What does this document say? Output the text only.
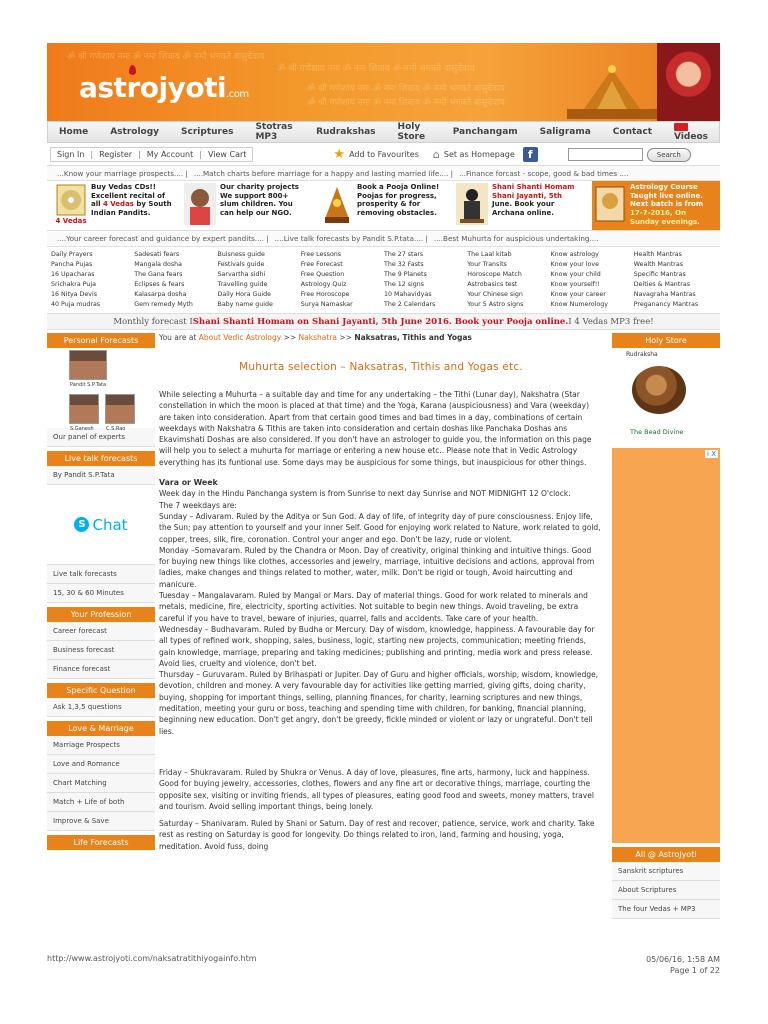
ॐ श्री गणेशाय नमः ॐ नमः शिवाय ॐ नमो भगवते वासुदेवाय
ॐ श्री गणेशाय नमः ॐ नमः शिवाय ॐ नमो भगवते वासुदेवाय
ॐ श्री गणेशाय नमः ॐ नमः शिवाय ॐ नमो भगवते वासुदेवाय
ॐ श्री गणेशाय नमः ॐ नमः शिवाय ॐ नमो भगवते वासुदेवाय
astrojyoti.com
Home	Astrology	Scriptures	Stotras MP3	Rudrakshas	Holy Store	Panchangam	Saligrama	Contact	Videos
Sign In | Register | My Account | View Cart	★ Add to Favourites ⌂ Set as Homepage	f	Search
...Know your marriage prospects.... | ....Match charts before marriage for a happy and lasting married life.... | ...Finance forcast - scope, good & bad times ....
4 Vedas
Buy Vedas CDs!!
Excellent recital of
all 4 Vedas by South
Indian Pandits.
Our charity projects
We support 800+
slum children. You
can help our NGO.
Book a Pooja Online!
Poojas for progress,
prosperity & for
removing obstacles.
Shani Shanti Homam
Shani Jayanti, 5th
June. Book your
Archana online.
Astrology Course
Taught live online.
Next batch is from
17-7-2016, On
Sunday evenings.
....Your career forecast and guidance by expert pandits.... | ....Live talk forecasts by Pandit S.P.tata.... | ....Best Muhurta for auspicious undertaking....
Daily Prayers	Sadesati fears	Buisness guide	Free Lessons	The 27 stars	The Laal kitab	Know astrology	Health Mantras
Pancha Pujas	Mangala dosha	Festivals guide	Free Forecast	The 32 Fasts	Your Transits	Know your love	Wealth Mantras
16 Upacharas	The Gana fears	Sarvartha sidhi	Free Question	The 9 Planets	Horoscope Match	Know your child	Specific Mantras
Srichakra Puja	Eclipses & fears	Travelling guide	Astrology Quiz	The 12 signs	Astrobasics test	Know yourself!!	Deities & Mantras
16 Nitya Devis	Kalasarpa dosha	Daily Hora Guide	Free Horoscope	10 Mahavidyas	Your Chinese sign	Know your career	Navagraha Mantras
40 Puja mudras	Gem remedy Myth	Baby name guide	Surya Namaskar	The 2 Calendars	Your 5 Astro signs	Know Numerology	Preganancy Mantras
Monthly forecast I Shani Shanti Homam on Shani Jayanti, 5th June 2016. Book your Pooja online. I 4 Vedas MP3 free!
Personal Forecasts
Pandit S.P.Tata
S.Ganesh C.S.Rao
Our panel of experts
Live talk forecasts
By Pandit S.P.Tata
S Chat
Live talk forecasts
15, 30 & 60 Minutes
Your Profession
Career forecast
Business forecast
Finance forecast
Specific Question
Ask 1,3,5 questions
Love & Marriage
Marriage Prospects
Love and Romance
Chart Matching
Match + Life of both
Improve & Save
Life Forecasts
You are at About Vedic Astrology >> Nakshatra >> Naksatras, Tithis and Yogas
Muhurta selection – Naksatras, Tithis and Yogas etc.

While selecting a Muhurta – a suitable day and time for any undertaking – the Tithi (Lunar day), Nakshatra (Star constellation in which the moon is placed at that time) and the Yoga, Karana (auspiciousness) and Vara (weekday) are taken into consideration. Apart from that certain good times and bad times in a day, combinations of certain weekdays with Nakshatra & Tithis are taken into consideration and certain doshas like Panchaka Doshas ans Ekavimshati Doshas are also considered. If you don't have an astrologer to guide you, the information on this page will help you to select a muhurta for marriage or entering a new house etc.. Please note that in Vedic Astrology everything has its funtional use. Some days may be auspicious for some things, but inauspicious for other things.

Vara or Week

Week day in the Hindu Panchanga system is from Sunrise to next day Sunrise and NOT MIDNIGHT 12 O'clock.

The 7 weekdays are:

Sunday – Adivaram. Ruled by the Aditya or Sun God. A day of life, of integrity day of pure consciousness. Enjoy life, the Sun; pay attention to yourself and your inner Self. Good for enjoying work related to Nature, work related to gold, copper, trees, silk, fire, coronation. Control your anger and ego. Don't be lazy, rude or violent.

Monday –Somavaram. Ruled by the Chandra or Moon. Day of creativity, original thinking and intuitive things. Good for buying new things like clothes, accessories and jewelry, marriage, intuitive decisions and actions, approval from ladies, make changes and things related to mother, water, milk. Don't be rigid or tough, Avoid haircutting and manicure.

Tuesday – Mangalavaram. Ruled by Mangal or Mars. Day of material things. Good for work related to minerals and metals, medicine, fire, electricity, sporting activities. Not suitable to begin new things. Avoid traveling, be extra careful if you have to travel, beware of injuries, quarrel, falls and accidents. Take care of your health.

Wednesday – Budhavaram. Ruled by Budha or Mercury. Day of wisdom, knowledge, happiness. A favourable day for all types of refined work, shopping, sales, business, logic, starting new projects, communication; meeting friends, gain knowledge, marriage, preparing and taking medicines; publishing and printing, media work and press release. Avoid lies, cruelty and violence, don't bet.

Thursday – Guruvaram. Ruled by Brihaspati or Jupiter. Day of Guru and higher officials, worship, wisdom, knowledge, devotion, children and money. A very favourable day for activities like getting married, giving gifts, doing charity, buying, shopping for important things, selling, planning finances, for charity, learning scriptures and new things, meditation, meeting your guru or boss, teaching and spending time with children, for banking, financial planning, beginning new education. Don't get angry, don't be greedy, fickle minded or violent or lazy or ungrateful. Don't tell lies.

Friday – Shukravaram. Ruled by Shukra or Venus. A day of love, pleasures, fine arts, harmony, luck and happiness. Good for buying jewelry, accessories, clothes, flowers and any fine art or decorative things, marriage, courting the opposite sex, visiting or inviting friends, all types of pleasures, eating good food and sweets, money matters, travel and tourism. Avoid selling important things, being lonely.

Saturday – Shanivaram. Ruled by Shani or Saturn. Day of rest and recover, patience, service, work and charity. Take rest as resting on Saturday is good for longevity. Do things related to iron, land, farming and housing, yoga, meditation. Avoid fuss, doing

Holy Store
Rudraksha
The Bead Divine
i X
All @ AstroJyoti
Sanskrit scriptures
About Scriptures
The four Vedas + MP3
http://www.astrojyoti.com/naksatratithiyogainfo.htm	05/06/16, 1:58 AM
Page 1 of 22
